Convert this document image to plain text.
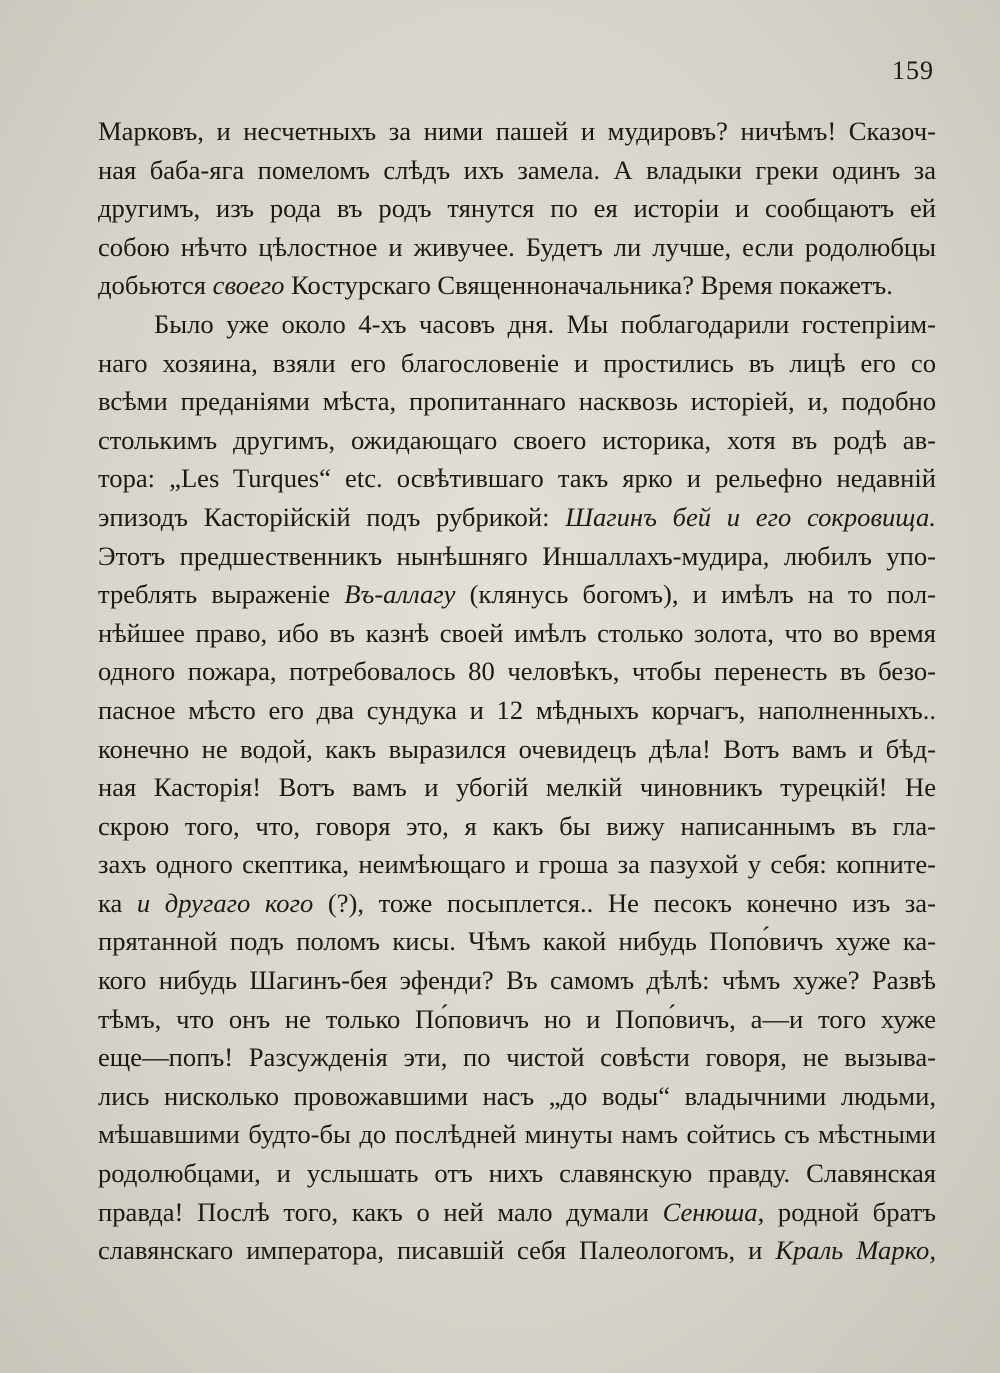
159
Марковъ, и несчетныхъ за ними пашей и мудировъ? ничѣмъ! Сказоч-
ная баба-яга помеломъ слѣдъ ихъ замела. А владыки греки одинъ за
другимъ, изъ рода въ родъ тянутся по ея исторіи и сообщаютъ ей
собою нѣчто цѣлостное и живучее. Будетъ ли лучше, если родолюбцы
добьются своего Костурскаго Священноначальника? Время покажетъ.
Было уже около 4-хъ часовъ дня. Мы поблагодарили гостепріим-
наго хозяина, взяли его благословеніе и простились въ лицѣ его со
всѣми преданіями мѣста, пропитаннаго насквозь исторіей, и, подобно
столькимъ другимъ, ожидающаго своего историка, хотя въ родѣ ав-
тора: „Les Turques“ etc. освѣтившаго такъ ярко и рельефно недавній
эпизодъ Касторійскій подъ рубрикой: Шагинъ бей и его сокровища.
Этотъ предшественникъ нынѣшняго Иншаллахъ-мудира, любилъ упо-
треблять выраженіе Въ-аллагу (клянусь богомъ), и имѣлъ на то пол-
нѣйшее право, ибо въ казнѣ своей имѣлъ столько золота, что во время
одного пожара, потребовалось 80 человѣкъ, чтобы перенесть въ безо-
пасное мѣсто его два сундука и 12 мѣдныхъ корчагъ, наполненныхъ..
конечно не водой, какъ выразился очевидецъ дѣла! Вотъ вамъ и бѣд-
ная Касторія! Вотъ вамъ и убогій мелкій чиновникъ турецкій! Не
скрою того, что, говоря это, я какъ бы вижу написаннымъ въ гла-
захъ одного скептика, неимѣющаго и гроша за пазухой у себя: копните-
ка и другаго кого (?), тоже посыплется.. Не песокъ конечно изъ за-
прятанной подъ поломъ кисы. Чѣмъ какой нибудь Попо́вичъ хуже ка-
кого нибудь Шагинъ-бея эфенди? Въ самомъ дѣлѣ: чѣмъ хуже? Развѣ
тѣмъ, что онъ не только По́повичъ но и Попо́вичъ, а—и того хуже
еще—попъ! Разсужденія эти, по чистой совѣсти говоря, не вызыва-
лись нисколько провожавшими насъ „до воды“ владычними людьми,
мѣшавшими будто-бы до послѣдней минуты намъ сойтись съ мѣстными
родолюбцами, и услышать отъ нихъ славянскую правду. Славянская
правда! Послѣ того, какъ о ней мало думали Сенюша, родной братъ
славянскаго императора, писавшій себя Палеологомъ, и Краль Марко,
